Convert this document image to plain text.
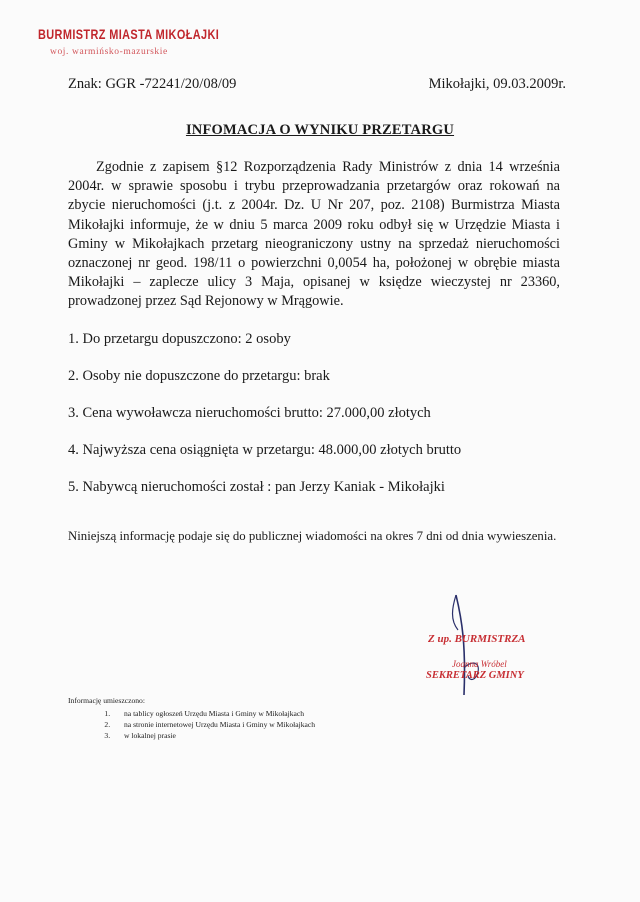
BURMISTRZ MIASTA MIKOŁAJKI
woj. warmińsko-mazurskie
Znak: GGR -72241/20/08/09	Mikołajki, 09.03.2009r.
INFOMACJA O WYNIKU PRZETARGU
Zgodnie z zapisem §12 Rozporządzenia Rady Ministrów z dnia 14 września 2004r. w sprawie sposobu i trybu przeprowadzania przetargów oraz rokowań na zbycie nieruchomości (j.t. z 2004r. Dz. U Nr 207, poz. 2108) Burmistrza Miasta Mikołajki informuje, że w dniu 5 marca 2009 roku odbył się w Urzędzie Miasta i Gminy w Mikołajkach przetarg nieograniczony ustny na sprzedaż nieruchomości oznaczonej nr geod. 198/11 o powierzchni 0,0054 ha, położonej w obrębie miasta Mikołajki – zaplecze ulicy 3 Maja, opisanej w księdze wieczystej nr 23360, prowadzonej przez Sąd Rejonowy w Mrągowie.
1. Do przetargu dopuszczono: 2 osoby
2. Osoby nie dopuszczone do przetargu: brak
3. Cena wywoławcza nieruchomości brutto: 27.000,00 złotych
4. Najwyższa cena osiągnięta w przetargu: 48.000,00 złotych brutto
5. Nabywcą nieruchomości został : pan Jerzy Kaniak - Mikołajki
Niniejszą informację podaje się do publicznej wiadomości na okres 7 dni od dnia wywieszenia.
Z up. BURMISTRZA
Joanna Wróbel
SEKRETARZ GMINY
Informację umieszczono:
1. na tablicy ogłoszeń Urzędu Miasta i Gminy w Mikołajkach
2. na stronie internetowej Urzędu Miasta i Gminy w Mikołajkach
3. w lokalnej prasie
